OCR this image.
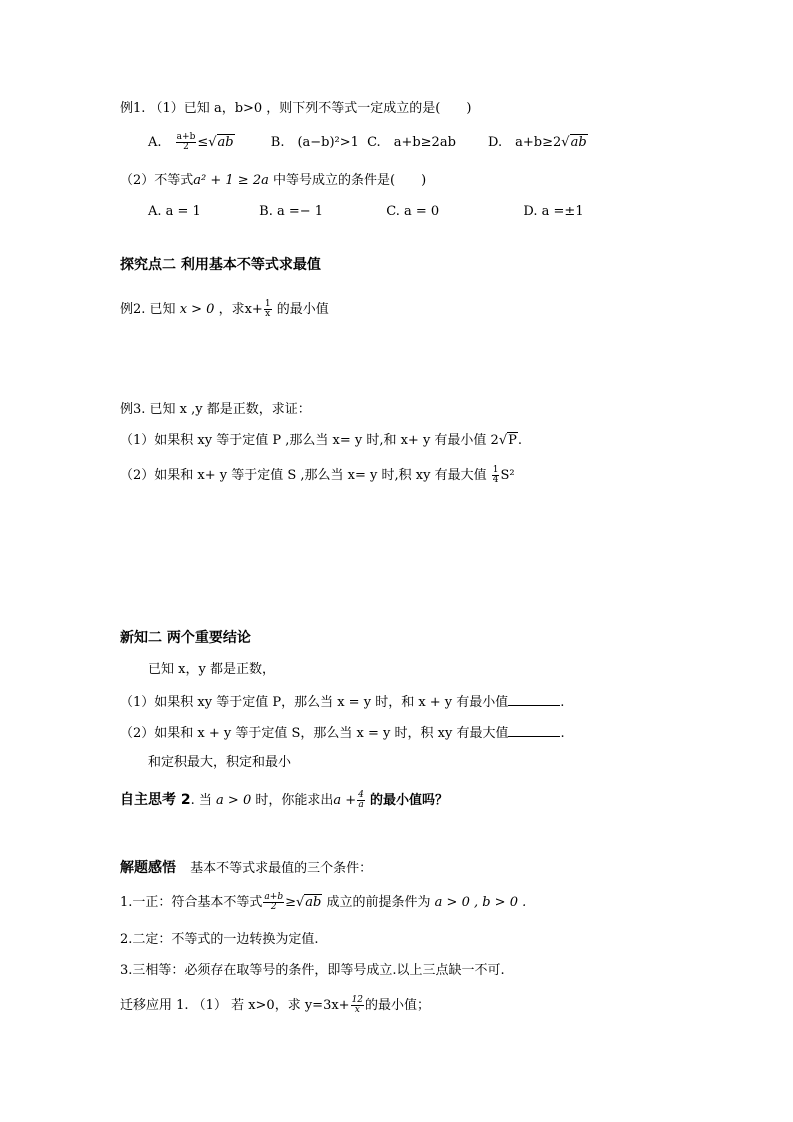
例1. （1）已知 a，b>0 ，则下列不等式一定成立的是(　　)
A. $\frac{a+b}{2} \le√ab$	B.　(a−b)²>1 C.　a+b≥2ab D.　a+b≥2√ab
（2）不等式a² + 1 ≥ 2a 中等号成立的条件是(　　)
A. a = 1	B. a =− 1	C. a = 0	D. a =±1
探究点二 利用基本不等式求最值
例2. 已知 x > 0 ，求$x+ \frac{1}{x}$ 的最小值
例3. 已知 x ,y 都是正数，求证：
（1）如果积 xy 等于定值 P ,那么当 x= y 时,和 x+ y 有最小值 2√P.
（2）如果和 x+ y 等于定值 S ,那么当 x= y 时,积 xy 有最大值 $\frac{1}{4} S^2$
新知二 两个重要结论
已知 x，y 都是正数，
（1）如果积 xy 等于定值 P，那么当 x = y 时，和 x + y 有最小值	.
（2）如果和 x + y 等于定值 S，那么当 x = y 时，积 xy 有最大值	.
和定积最大，积定和最小
自主思考 2. 当 a > 0 时，你能求出$a + \frac{4}{a}$ 的最小值吗？
解题感悟 基本不等式求最值的三个条件：
1.一正：符合基本不等式 $\frac{a+b}{2} \ge√ab$ 成立的前提条件为 a > 0 , b > 0 .
2.二定：不等式的一边转换为定值.
3.三相等：必须存在取等号的条件，即等号成立.以上三点缺一不可.
迁移应用 1. （1） 若 x>0，求 $y=3x+ \frac{12}{x}$ 的最小值；
